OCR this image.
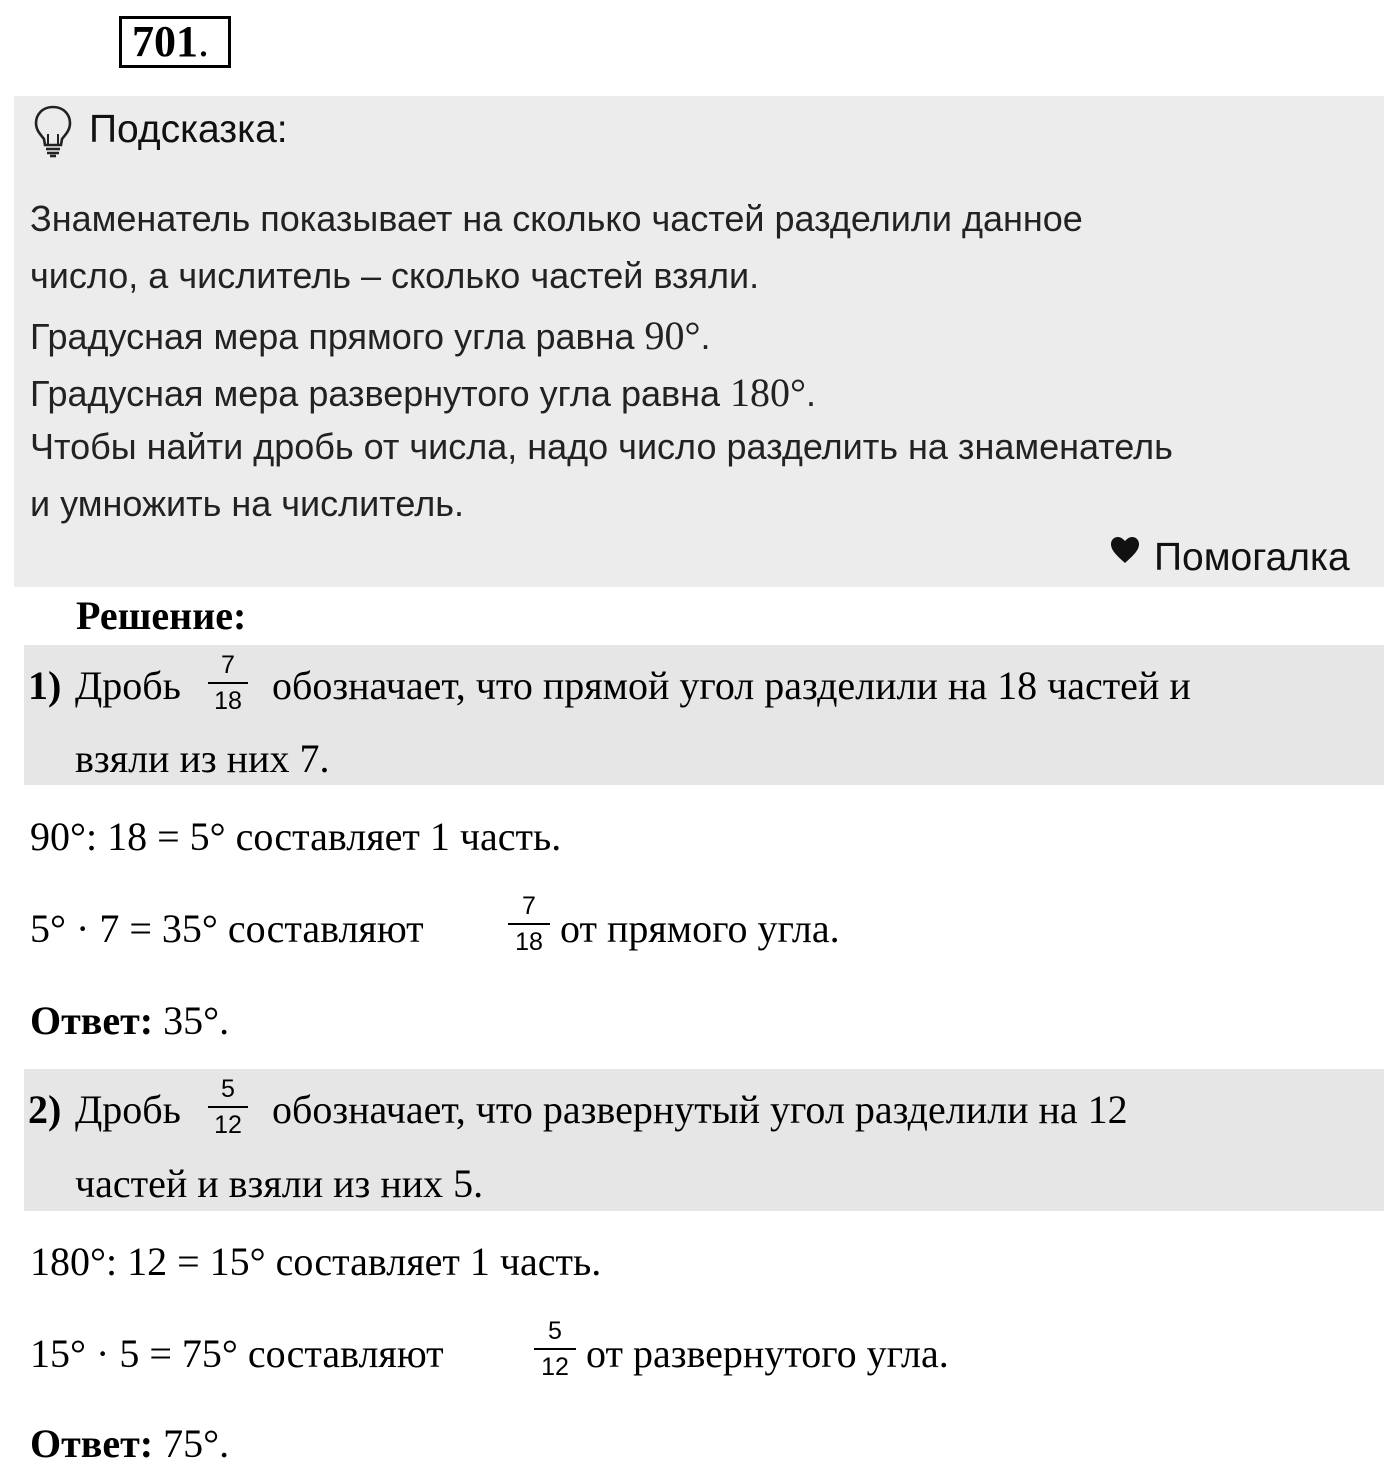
701.
Подсказка:
Знаменатель показывает на сколько частей разделили данное
число, а числитель – сколько частей взяли.
Градусная мера прямого угла равна 90°.
Градусная мера развернутого угла равна 180°.
Чтобы найти дробь от числа, надо число разделить на знаменатель
и умножить на числитель.
Помогалка
Решение:
1) Дробь $\frac{7}{18}$ обозначает, что прямой угол разделили на 18 частей и
взяли из них 7.
90°: 18 = 5° составляет 1 часть.
5° · 7 = 35° составляют	$\frac{7}{18}$ от прямого угла.
Ответ: 35°.
2) Дробь $\frac{5}{12}$ обозначает, что развернутый угол разделили на 12
частей и взяли из них 5.
180°: 12 = 15° составляет 1 часть.
15° · 5 = 75° составляют	$\frac{5}{12}$ от развернутого угла.
Ответ: 75°.
